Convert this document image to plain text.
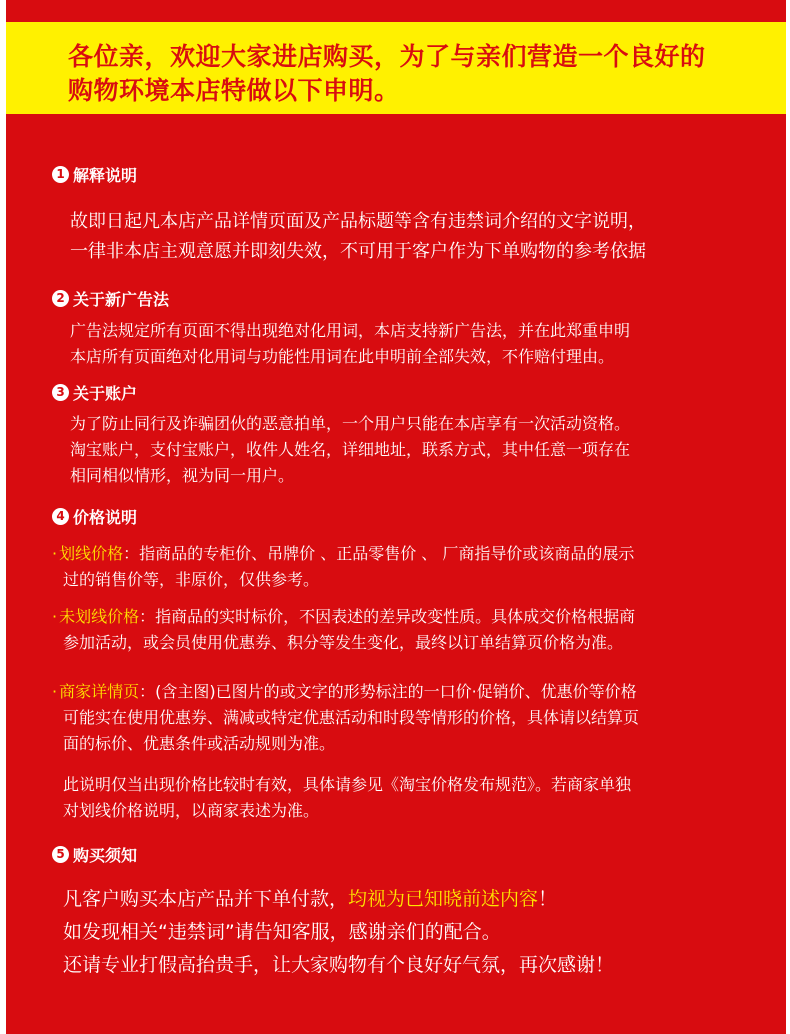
各位亲，欢迎大家进店购买，为了与亲们营造一个良好的
购物环境本店特做以下申明。
1 解释说明
故即日起凡本店产品详情页面及产品标题等含有违禁词介绍的文字说明，
一律非本店主观意愿并即刻失效，不可用于客户作为下单购物的参考依据
2 关于新广告法
广告法规定所有页面不得出现绝对化用词，本店支持新广告法，并在此郑重申明
本店所有页面绝对化用词与功能性用词在此申明前全部失效，不作赔付理由。
3 关于账户
为了防止同行及诈骗团伙的恶意拍单，一个用户只能在本店享有一次活动资格。
淘宝账户，支付宝账户，收件人姓名，详细地址，联系方式，其中任意一项存在
相同相似情形，视为同一用户。
4 价格说明
· 划线价格：指商品的专柜价、吊牌价 、正品零售价 、 厂商指导价或该商品的展示
过的销售价等，非原价，仅供参考。
· 未划线价格：指商品的实时标价，不因表述的差异改变性质。具体成交价格根据商
参加活动，或会员使用优惠券、积分等发生变化，最终以订单结算页价格为准。
· 商家详情页：(含主图)已图片的或文字的形势标注的一口价·促销价、优惠价等价格
可能实在使用优惠券、满减或特定优惠活动和时段等情形的价格，具体请以结算页
面的标价、优惠条件或活动规则为准。
此说明仅当出现价格比较时有效，具体请参见《淘宝价格发布规范》。若商家单独
对划线价格说明，以商家表述为准。
5 购买须知
凡客户购买本店产品并下单付款，均视为已知晓前述内容！
如发现相关“违禁词”请告知客服，感谢亲们的配合。
还请专业打假高抬贵手，让大家购物有个良好好气氛，再次感谢！
